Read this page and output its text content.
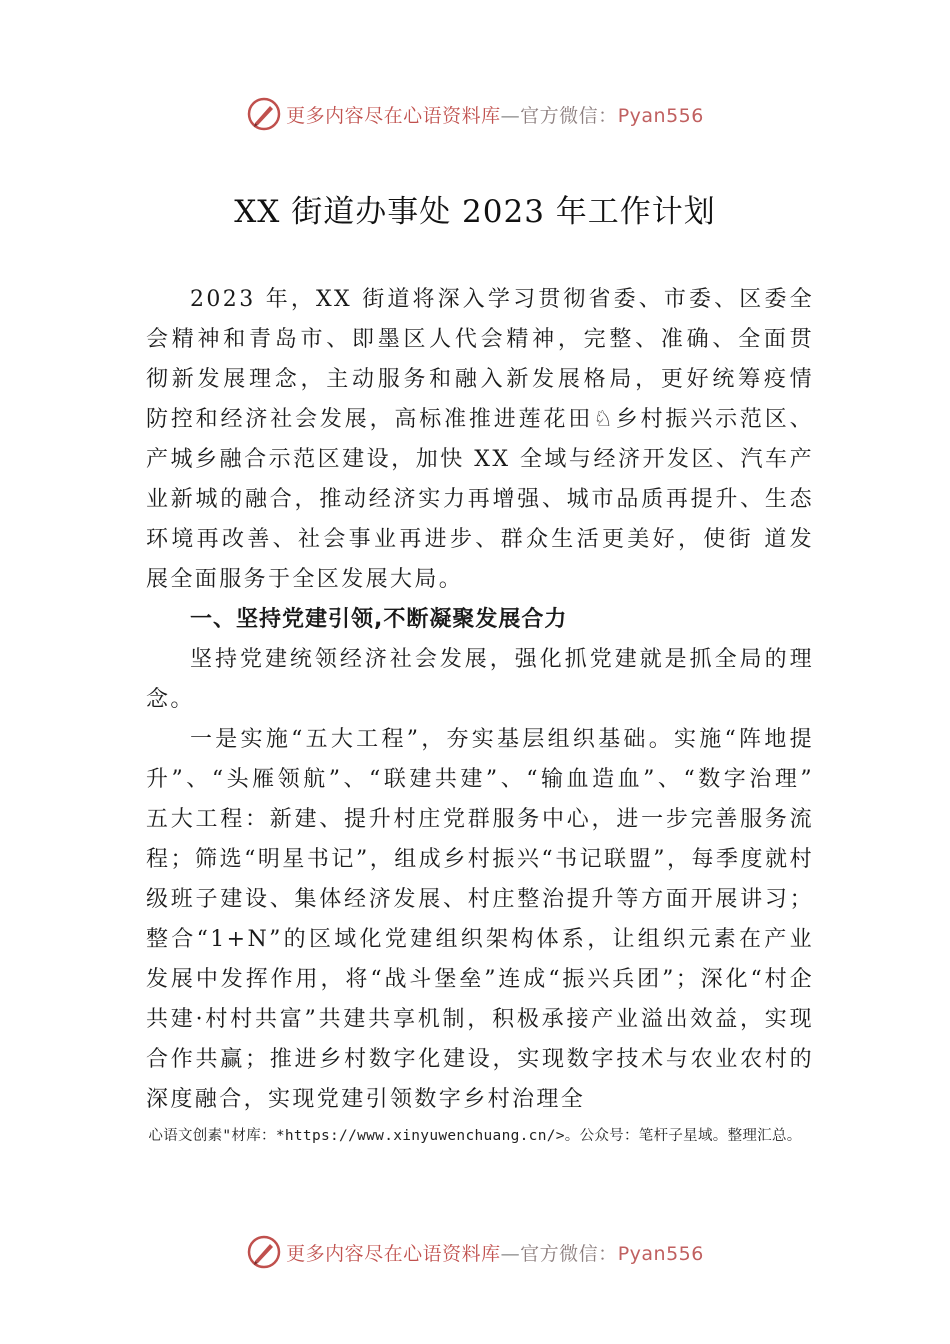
更多内容尽在心语资料库—官方微信：Pyan556
XX 街道办事处 2023 年工作计划

2023 年，XX 街道将深入学习贯彻省委、市委、区委全会精神和青岛市、即墨区人代会精神，完整、准确、全面贯 彻新发展理念，主动服务和融入新发展格局，更好统筹疫情 防控和经济社会发展，高标准推进莲花田♘乡村振兴示范区、产城乡融合示范区建设，加快 XX 全域与经济开发区、汽车产业新城的融合，推动经济实力再增强、城市品质再提升、生态环境再改善、社会事业再进步、群众生活更美好，使街 道发展全面服务于全区发展大局。

一、坚持党建引领,不断凝聚发展合力

坚持党建统领经济社会发展，强化抓党建就是抓全局的理念。

一是实施“五大工程”，夯实基层组织基础。实施“阵地提升”、“头雁领航”、“联建共建”、“输血造血”、“数字治理” 五大工程：新建、提升村庄党群服务中心，进一步完善服务流程；筛选“明星书记”，组成乡村振兴“书记联盟”，每季度就村级班子建设、集体经济发展、村庄整治提升等方面开展讲习；整合“1+N”的区域化党建组织架构体系，让组织元素在产业发展中发挥作用，将“战斗堡垒”连成“振兴兵团”；深化“村企共建·村村共富”共建共享机制，积极承接产业溢出效益，实现合作共赢；推进乡村数字化建设，实现数字技术与农业农村的深度融合，实现党建引领数字乡村治理全

心语文创素"材库：*https://www.xinyuwenchuang.cn/>。公众号：笔杆子星域。整理汇总。
更多内容尽在心语资料库—官方微信：Pyan556
